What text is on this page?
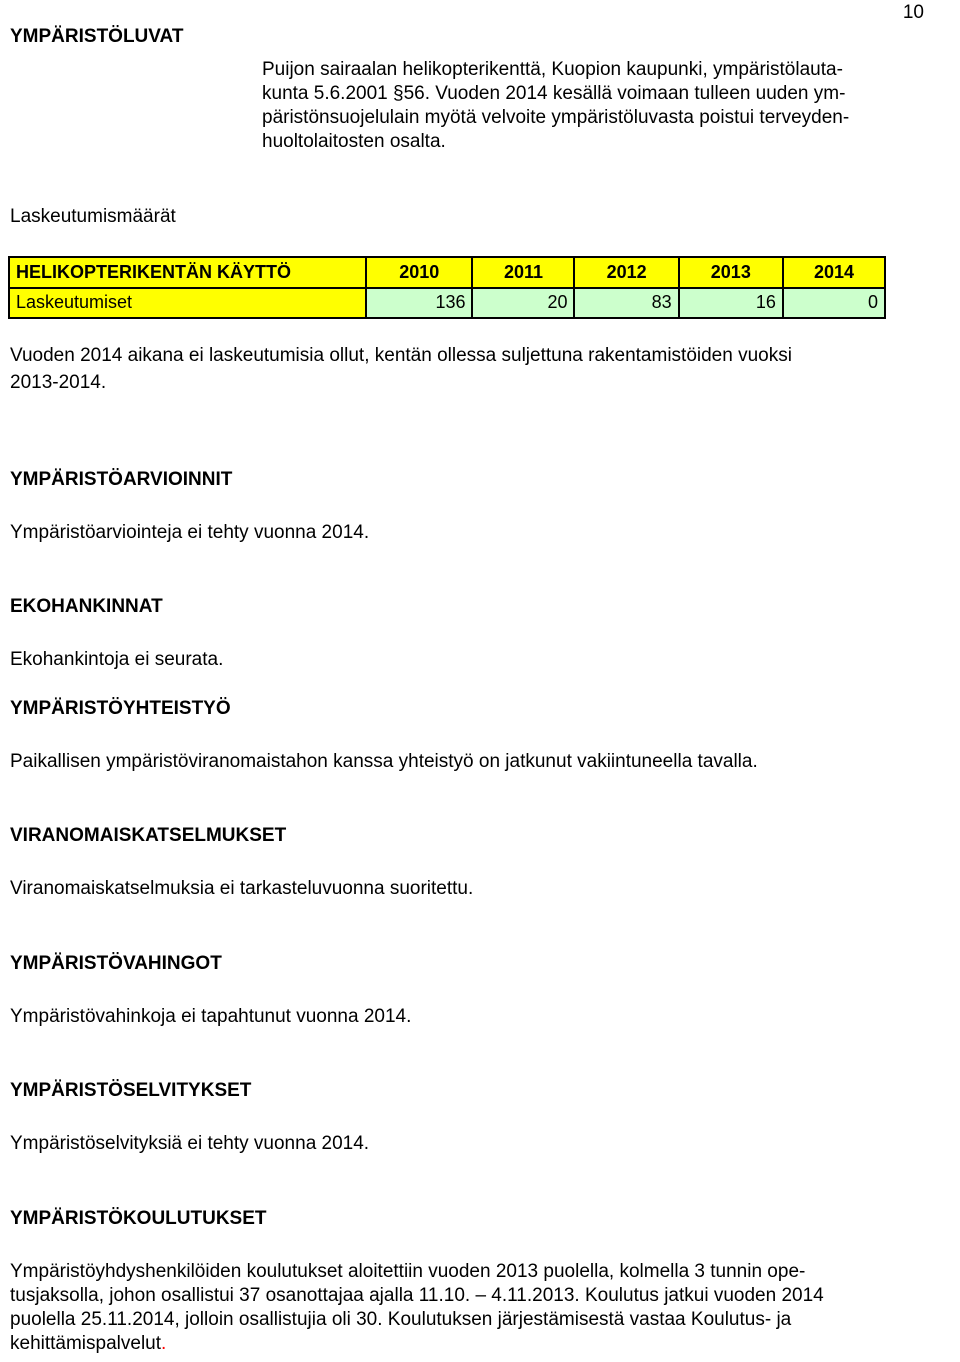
10
YMPÄRISTÖLUVAT
Puijon sairaalan helikopterikenttä, Kuopion kaupunki, ympäristölauta-
kunta 5.6.2001 §56. Vuoden 2014 kesällä voimaan tulleen uuden ym-
päristönsuojelulain myötä velvoite ympäristöluvasta poistui terveyden-
huoltolaitosten osalta.
Laskeutumismäärät
HELIKOPTERIKENTÄN KÄYTTÖ	2010	2011	2012	2013	2014
Laskeutumiset	136	20	83	16	0
Vuoden 2014 aikana ei laskeutumisia ollut, kentän ollessa suljettuna rakentamistöiden vuoksi
2013-2014.
YMPÄRISTÖARVIOINNIT
Ympäristöarviointeja ei tehty vuonna 2014.
EKOHANKINNAT
Ekohankintoja ei seurata.
YMPÄRISTÖYHTEISTYÖ
Paikallisen ympäristöviranomaistahon kanssa yhteistyö on jatkunut vakiintuneella tavalla.
VIRANOMAISKATSELMUKSET
Viranomaiskatselmuksia ei tarkasteluvuonna suoritettu.
YMPÄRISTÖVAHINGOT
Ympäristövahinkoja ei tapahtunut vuonna 2014.
YMPÄRISTÖSELVITYKSET
Ympäristöselvityksiä ei tehty vuonna 2014.
YMPÄRISTÖKOULUTUKSET
Ympäristöyhdyshenkilöiden koulutukset aloitettiin vuoden 2013 puolella, kolmella 3 tunnin ope-
tusjaksolla, johon osallistui 37 osanottajaa ajalla 11.10. ‒ 4.11.2013. Koulutus jatkui vuoden 2014
puolella 25.11.2014, jolloin osallistujia oli 30. Koulutuksen järjestämisestä vastaa Koulutus- ja
kehittämispalvelut.
